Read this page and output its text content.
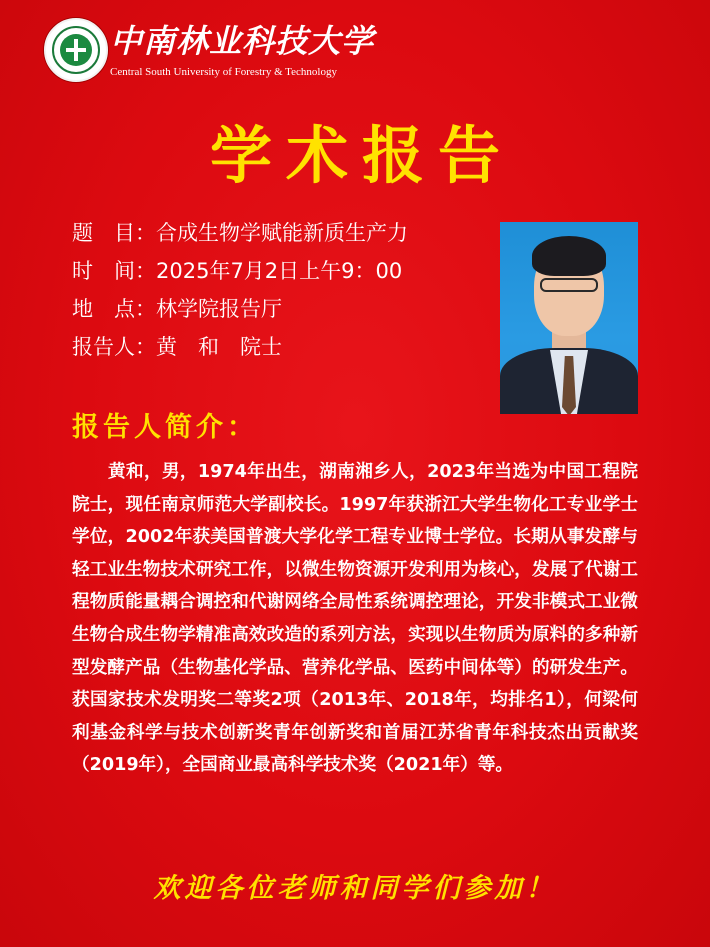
中南林业科技大学
Central South University of Forestry & Technology
学术报告
题　目：合成生物学赋能新质生产力
时　间：2025年7月2日上午9：00
地　点：林学院报告厅
报告人：黄　和　院士
报告人简介：
　　黄和，男，1974年出生，湖南湘乡人，2023年当选为中国工程院院士，现任南京师范大学副校长。1997年获浙江大学生物化工专业学士学位，2002年获美国普渡大学化学工程专业博士学位。长期从事发酵与轻工业生物技术研究工作，以微生物资源开发利用为核心，发展了代谢工程物质能量耦合调控和代谢网络全局性系统调控理论，开发非模式工业微生物合成生物学精准高效改造的系列方法，实现以生物质为原料的多种新型发酵产品（生物基化学品、营养化学品、医药中间体等）的研发生产。获国家技术发明奖二等奖2项（2013年、2018年，均排名1），何梁何利基金科学与技术创新奖青年创新奖和首届江苏省青年科技杰出贡献奖（2019年），全国商业最高科学技术奖（2021年）等。
欢迎各位老师和同学们参加！
